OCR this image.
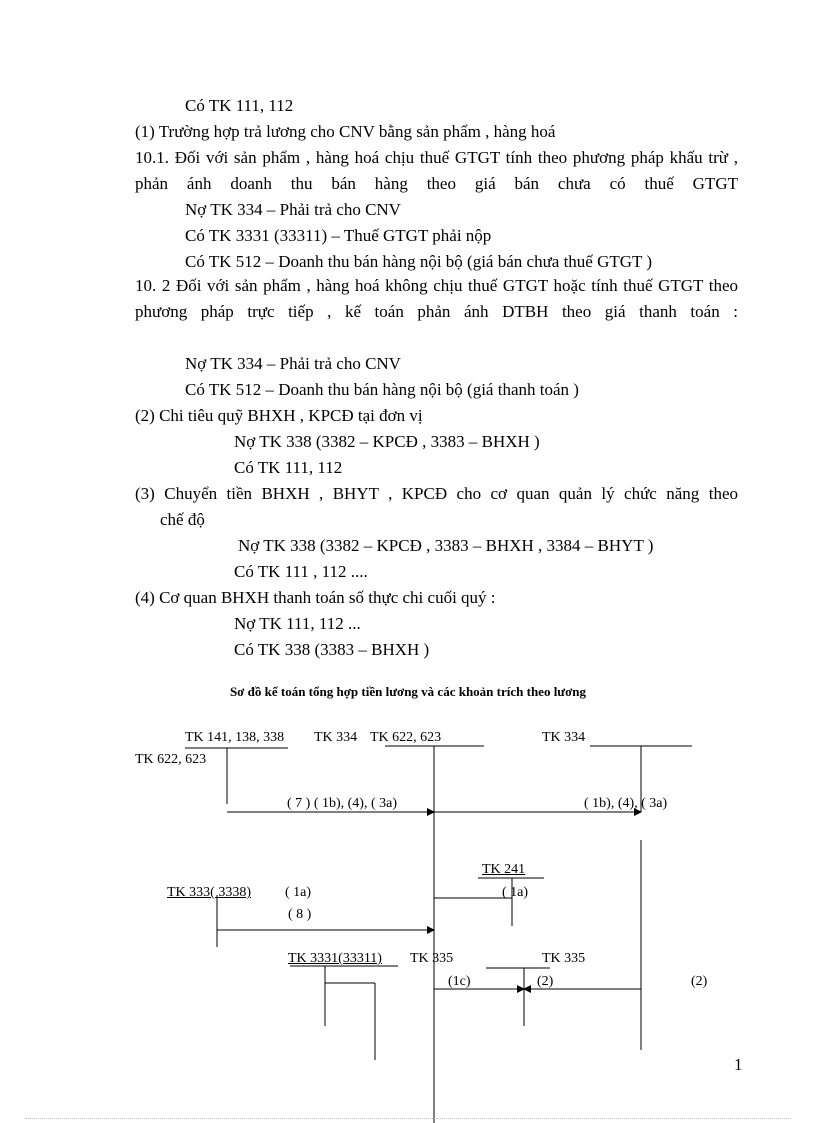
Có TK 111, 112
(1) Trường hợp trả lương cho CNV bằng sản phẩm , hàng hoá
10.1. Đối với sản phẩm , hàng hoá chịu thuế GTGT tính theo phương pháp khấu trừ , phản ánh doanh thu bán hàng theo giá bán chưa có thuế GTGT
Nợ TK 334 – Phải trả cho CNV
Có TK 3331 (33311) – Thuế GTGT phải nộp
Có TK 512 – Doanh thu bán hàng nội bộ (giá bán chưa thuế GTGT )
10. 2 Đối với sản phẩm , hàng hoá không chịu thuế GTGT hoặc tính thuế GTGT theo phương pháp trực tiếp , kế toán phản ánh DTBH theo giá thanh toán :
Nợ TK 334 – Phải trả cho CNV
Có TK 512 – Doanh thu bán hàng nội bộ (giá thanh toán )
(2) Chi tiêu quỹ BHXH , KPCĐ tại đơn vị
Nợ TK 338 (3382 – KPCĐ , 3383 – BHXH )
Có TK 111, 112
(3) Chuyển tiền BHXH , BHYT , KPCĐ cho cơ quan quản lý chức năng theo
chế độ
Nợ TK 338 (3382 – KPCĐ , 3383 – BHXH , 3384 – BHYT )
Có TK 111 , 112 ....
(4) Cơ quan BHXH thanh toán số thực chi cuối quý :
Nợ TK 111, 112 ...
Có TK 338 (3383 – BHXH )
Sơ đồ kế toán tổng hợp tiền lương và các khoản trích theo lương
TK 141, 138, 338 TK 334 TK 622, 623	TK 334
TK 622, 623
( 7 ) ( 1b), (4), ( 3a)	( 1b), (4), ( 3a)
TK 241
TK 333( 3338) ( 1a)	( 1a)
( 8 )
TK 3331(33311) TK 335	TK 335
(1c)	(2)	(2)
1
